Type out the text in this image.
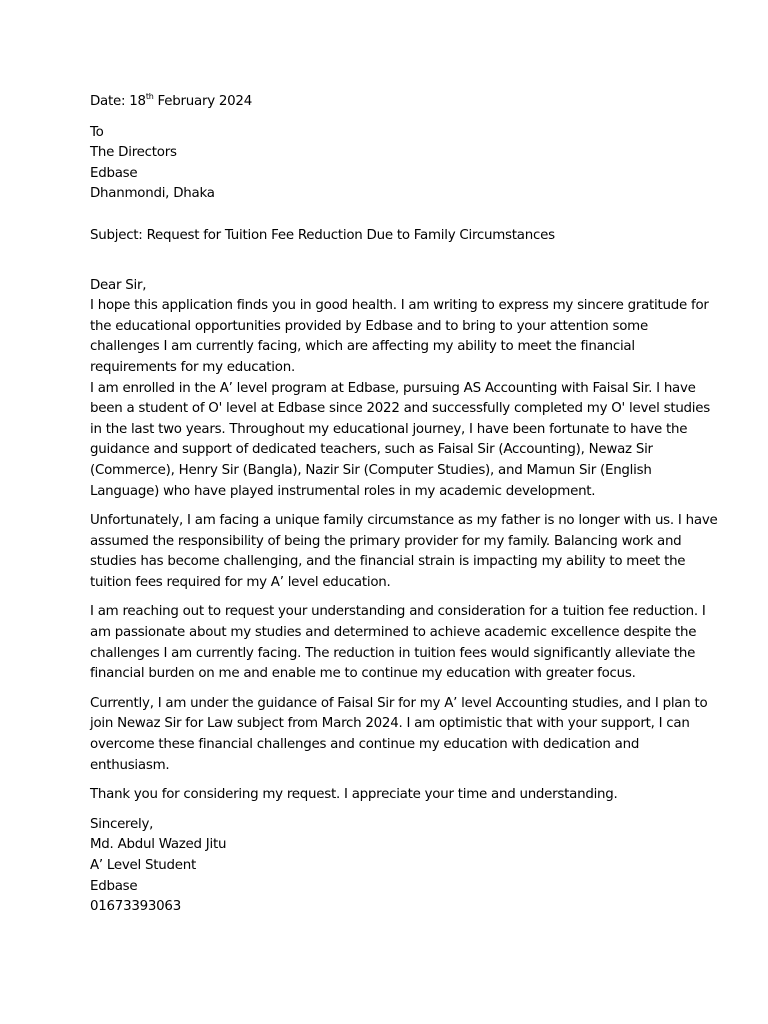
Date: 18th February 2024
To
The Directors
Edbase
Dhanmondi, Dhaka
Subject: Request for Tuition Fee Reduction Due to Family Circumstances
Dear Sir,
I hope this application finds you in good health. I am writing to express my sincere gratitude for
the educational opportunities provided by Edbase and to bring to your attention some
challenges I am currently facing, which are affecting my ability to meet the financial
requirements for my education.
I am enrolled in the A’ level program at Edbase, pursuing AS Accounting with Faisal Sir. I have
been a student of O' level at Edbase since 2022 and successfully completed my O' level studies
in the last two years. Throughout my educational journey, I have been fortunate to have the
guidance and support of dedicated teachers, such as Faisal Sir (Accounting), Newaz Sir
(Commerce), Henry Sir (Bangla), Nazir Sir (Computer Studies), and Mamun Sir (English
Language) who have played instrumental roles in my academic development.
Unfortunately, I am facing a unique family circumstance as my father is no longer with us. I have
assumed the responsibility of being the primary provider for my family. Balancing work and
studies has become challenging, and the financial strain is impacting my ability to meet the
tuition fees required for my A’ level education.
I am reaching out to request your understanding and consideration for a tuition fee reduction. I
am passionate about my studies and determined to achieve academic excellence despite the
challenges I am currently facing. The reduction in tuition fees would significantly alleviate the
financial burden on me and enable me to continue my education with greater focus.
Currently, I am under the guidance of Faisal Sir for my A’ level Accounting studies, and I plan to
join Newaz Sir for Law subject from March 2024. I am optimistic that with your support, I can
overcome these financial challenges and continue my education with dedication and
enthusiasm.
Thank you for considering my request. I appreciate your time and understanding.
Sincerely,
Md. Abdul Wazed Jitu
A’ Level Student
Edbase
01673393063
